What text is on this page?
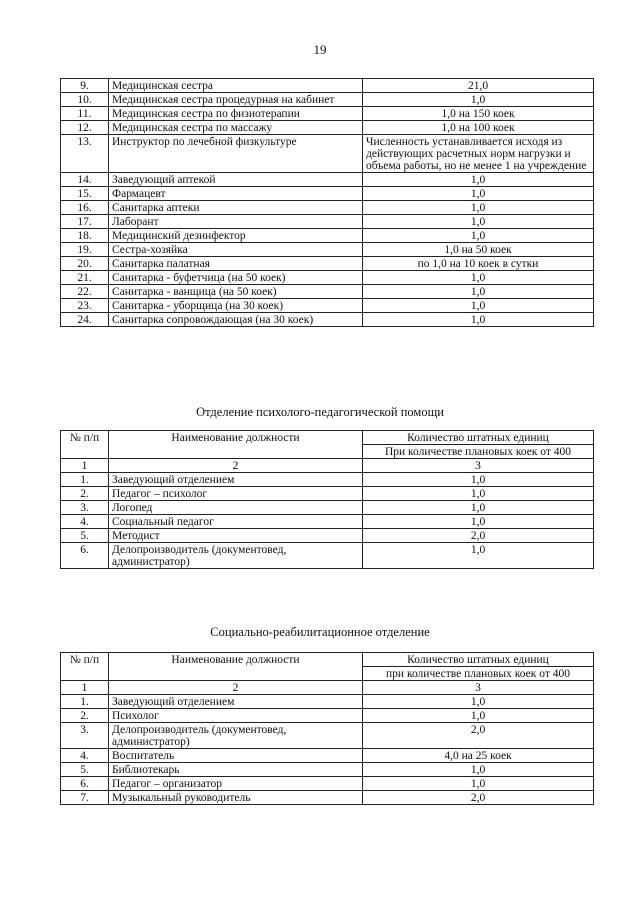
19
9.	Медицинская сестра	21,0
10.	Медицинская сестра процедурная на кабинет	1,0
11.	Медицинская сестра по физиотерапии	1,0 на 150 коек
12.	Медицинская сестра по массажу	1,0 на 100 коек
13.	Инструктор по лечебной физкультуре	Численность устанавливается исходя из действующих расчетных норм нагрузки и объема работы, но не менее 1 на учреждение
14.	Заведующий аптекой	1,0
15.	Фармацевт	1,0
16.	Санитарка аптеки	1,0
17.	Лаборант	1,0
18.	Медицинский дезинфектор	1,0
19.	Сестра-хозяйка	1,0 на 50 коек
20.	Санитарка палатная	по 1,0 на 10 коек в сутки
21.	Санитарка - буфетчица (на 50 коек)	1,0
22.	Санитарка - ванщица (на 50 коек)	1,0
23.	Санитарка - уборщица (на 30 коек)	1,0
24.	Санитарка сопровождающая (на 30 коек)	1,0
Отделение психолого-педагогической помощи
№ п/п	Наименование должности	Количество штатных единиц
		При количестве плановых коек от 400
1	2	3
1.	Заведующий отделением	1,0
2.	Педагог – психолог	1,0
3.	Логопед	1,0
4.	Социальный педагог	1,0
5.	Методист	2,0
6.	Делопроизводитель (документовед, администратор)	1,0
Социально-реабилитационное отделение
№ п/п	Наименование должности	Количество штатных единиц
		при количестве плановых коек от 400
1	2	3
1.	Заведующий отделением	1,0
2.	Психолог	1,0
3.	Делопроизводитель (документовед, администратор)	2,0
4.	Воспитатель	4,0 на 25 коек
5.	Библиотекарь	1,0
6.	Педагог – организатор	1,0
7.	Музыкальный руководитель	2,0
